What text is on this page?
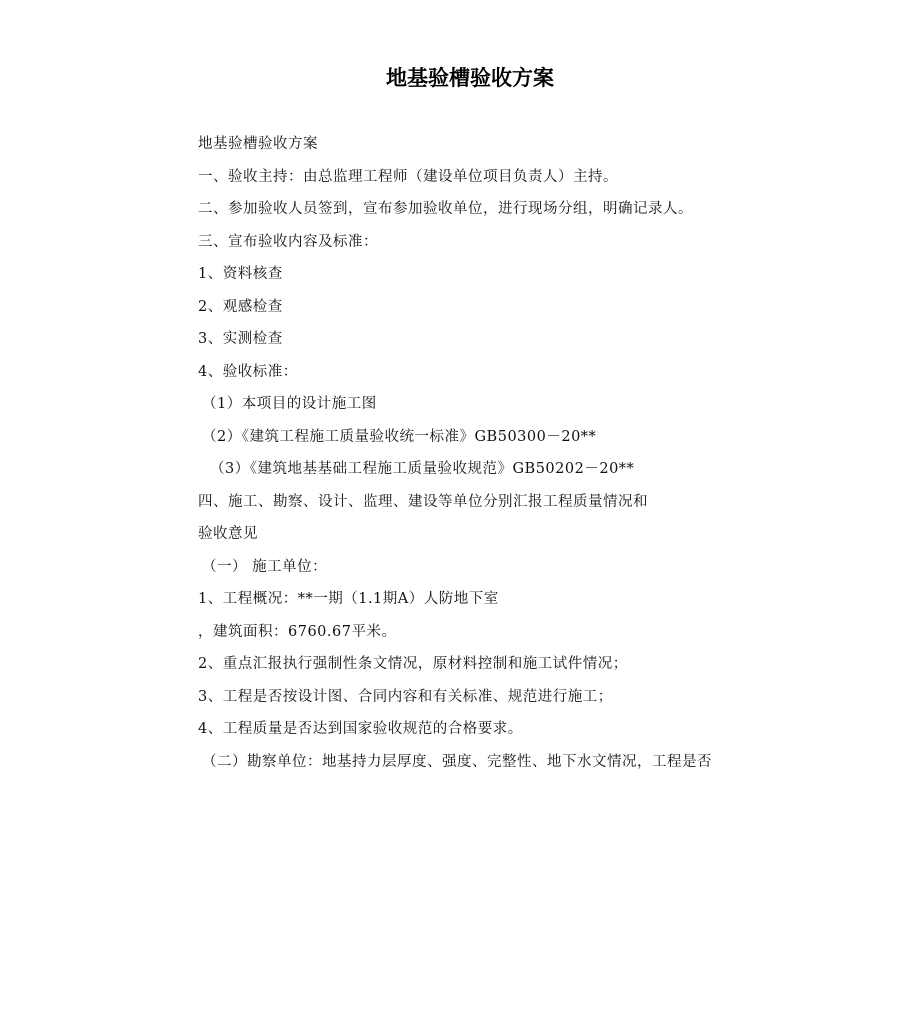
地基验槽验收方案
地基验槽验收方案
一、验收主持：由总监理工程师（建设单位项目负责人）主持。
二、参加验收人员签到，宣布参加验收单位，进行现场分组，明确记录人。
三、宣布验收内容及标准：
1、资料核查
2、观感检查
3、实测检查
4、验收标准：
（1）本项目的设计施工图
（2）《建筑工程施工质量验收统一标准》GB50300－20**
（3）《建筑地基基础工程施工质量验收规范》GB50202－20**
四、施工、勘察、设计、监理、建设等单位分别汇报工程质量情况和
验收意见
（一） 施工单位：
1、工程概况：**一期（1.1期A）人防地下室
，建筑面积：6760.67平米。
2、重点汇报执行强制性条文情况，原材料控制和施工试件情况；
3、工程是否按设计图、合同内容和有关标准、规范进行施工；
4、工程质量是否达到国家验收规范的合格要求。
（二）勘察单位：地基持力层厚度、强度、完整性、地下水文情况，工程是否
